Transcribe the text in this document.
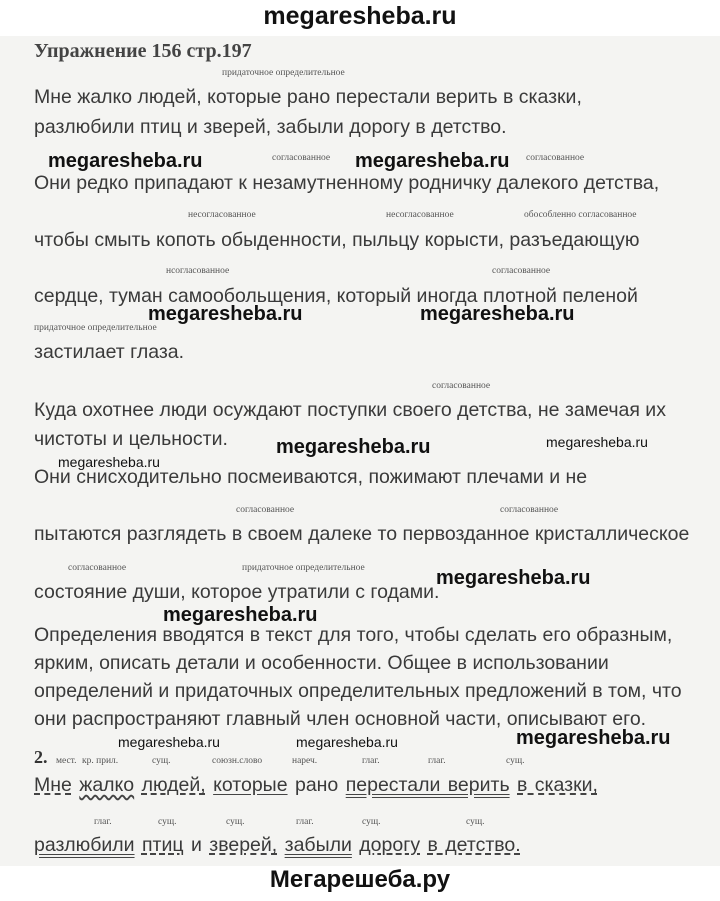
megaresheba.ru
Упражнение 156 стр.197
придаточное определительное
Мне жалко людей, которые рано перестали верить в сказки,
разлюбили птиц и зверей, забыли дорогу в детство.
megaresheba.ru	согласованное megaresheba.ru согласованное
Они редко припадают к незамутненному родничку далекого детства,
несогласованное	несогласованное	обособленно согласованное
чтобы смыть копоть обыденности, пыльцу корысти, разъедающую
нсогласованное	согласованное
сердце, туман самообольщения, который иногда плотной пеленой
megaresheba.ru	megaresheba.ru
придаточное определительное
застилает глаза.
согласованное
Куда охотнее люди осуждают поступки своего детства, не замечая их
чистоты и цельности. megaresheba.ru	megaresheba.ru
megaresheba.ru
Они снисходительно посмеиваются, пожимают плечами и не
согласованное	согласованное
пытаются разглядеть в своем далеке то первозданное кристаллическое
согласованное	придаточное определительное
состояние души, которое утратили с годами.
megaresheba.ru
megaresheba.ru
Определения вводятся в текст для того, чтобы сделать его образным,
ярким, описать детали и особенности. Общее в использовании
определений и придаточных определительных предложений в том, что
они распространяют главный член основной части, описывают его.
megaresheba.ru	megaresheba.ru	megaresheba.ru
2. мест. кр. прил.	сущ.	союзн.слово	нареч.	глаг.	глаг.	сущ.
Мне жалко людей, которые рано перестали верить в сказки,
глаг.	сущ.	сущ.	глаг.	сущ.	сущ.
разлюбили птиц и зверей, забыли дорогу в детство.
Мегарешеба.ру
